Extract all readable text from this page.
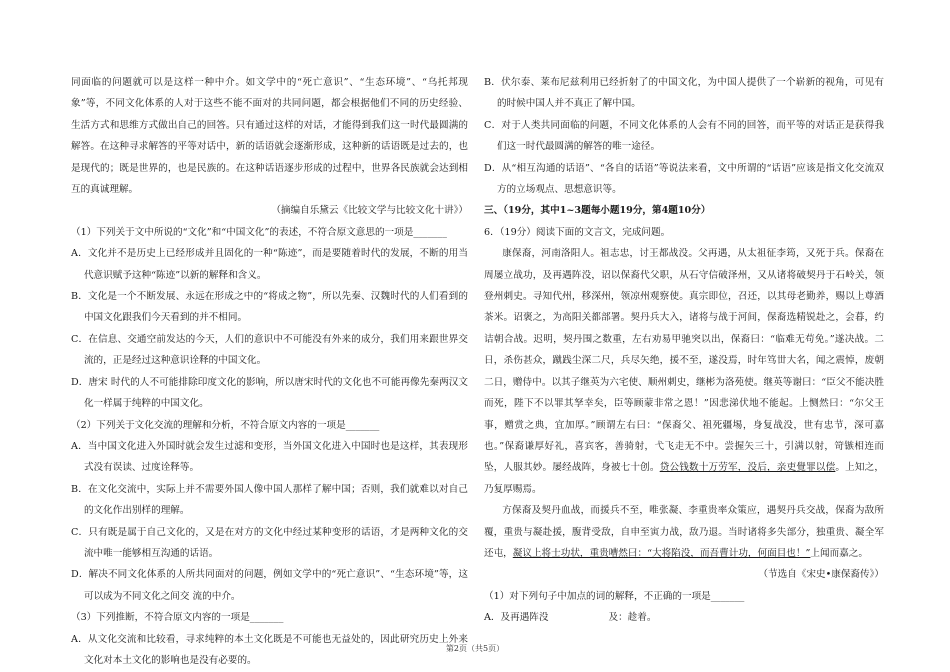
同面临的问题就可以是这样一种中介。如文学中的“死亡意识”、“生态环境”、“乌托邦现象”等，不同文化体系的人对于这些不能不面对的共同问题，都会根据他们不同的历史经验、生活方式和思维方式做出自己的回答。只有通过这样的对话，才能得到我们这一时代最圆满的解答。在这种寻求解答的平等对话中，新的话语就会逐渐形成，这种新的话语既是过去的，也是现代的；既是世界的，也是民族的。在这种话语逐步形成的过程中，世界各民族就会达到相互的真诚理解。

（摘编自乐黛云《比较文学与比较文化十讲》）

（1）下列关于文中所说的“文化”和“中国文化”的表述，不符合原文意思的一项是_______

A．文化并不是历史上已经形成并且固化的一种“陈迹”，而是要随着时代的发展，不断的用当代意识赋予这种“陈迹”以新的解释和含义。

B．文化是一个不断发展、永远在形成之中的“将成之物”，所以先秦、汉魏时代的人们看到的中国文化跟我们今天看到的并不相同。

C．在信息、交通空前发达的今天，人们的意识中不可能没有外来的成分，我们用来跟世界交流的，正是经过这种意识诠释的中国文化。

D．唐宋 时代的人不可能排除印度文化的影响，所以唐宋时代的文化也不可能再像先秦两汉文化一样属于纯粹的中国文化。

（2）下列关于文化交流的理解和分析，不符合原文内容的一项是_______

A．当中国文化进入外国时就会发生过滤和变形，当外国文化进入中国时也是这样，其表现形式没有误读、过度诠释等。

B．在文化交流中，实际上并不需要外国人像中国人那样了解中国；否则，我们就难以对自己的文化作出别样的理解。

C．只有既是属于自己文化的，又是在对方的文化中经过某种变形的话语，才是两种文化的交流中唯一能够相互沟通的话语。

D．解决不同文化体系的人所共同面对的问题，例如文学中的“死亡意识”、“生态环境”等，这可以成为不同文化之间交 流的中介。

（3）下列推断，不符合原文内容的一项是_______

A．从文化交流和比较看，寻求纯粹的本土文化既是不可能也无益处的，因此研究历史上外来文化对本土文化的影响也是没有必要的。

B．伏尔泰、莱布尼兹利用已经折射了的中国文化，为中国人提供了一个崭新的视角，可见有的时候中国人并不真正了解中国。

C．对于人类共同面临的问题，不同文化体系的人会有不同的回答，而平等的对话正是获得我们这一时代最圆满的解答的唯一途径。

D．从“相互沟通的话语”、“各自的话语”等说法来看，文中所谓的“话语”应该是指文化交流双方的立场观点、思想意识等。

三、（19分，其中1~3题每小题19分，第4题10分）

6．（19分）阅读下面的文言文，完成问题。

康保裔，河南洛阳人。祖志忠，讨王都战没。父再遇，从太祖征李筠，又死于兵。保裔在周屡立战功，及再遇阵没，诏以保裔代父职，从石守信破泽州，又从诸将破契丹于石岭关，领登州刺史。寻知代州，移深州，领凉州观察使。真宗即位，召还，以其母老勤养，赐以上尊酒茶米。诏褒之，为高阳关都部署。契丹兵大入，诸将与战于河间，保裔选精锐赴之，会暮，约诘朝合战。迟明，契丹围之数重，左右劝易甲驰突以出，保裔曰：“临难无苟免。”遂决战。二日，杀伤甚众，蹴践尘深二尺，兵尽矢绝，援不至，遂没焉，时年笃丗大名，闻之震悼，废朝二日，赠侍中。以其子继英为六宅使、顺州刺史，继彬为洛苑使。继英等谢曰：“臣父不能决胜而死，陛下不以罪其孥幸矣，臣等顾蒙非常之恩！”因悲涕伏地不能起。上恻然曰：“尔父王事，赠赏之典，宜加厚。”顾谓左右曰：“保裔父、祖死疆埸，身复战没，世有忠节，深可嘉也。”保裔谦厚好礼，喜宾客，善骑射，弋飞走无不中。尝握矢三十，引满以射，笴镞相连而坠，人服其妙。屡经战阵，身被七十创。贷公钱数十万劳军，没后，亲吏覺罪以偿。上知之，乃复厚赐焉。

方保裔及契丹血战，而援兵不至，唯张凝、李重贵率众策应，遇契丹兵交战，保裔为敌所覆，重贵与凝赴援，腹背受敌，自申至寅力战，敌乃退。当时诸将多失部分，独重贵、凝全军还屯，凝议上将士功状，重贵嘈然曰：“大将陷没，而吾曹计功，何面目也！”上闻而嘉之。

（节选自《宋史•康保裔传》）

（1）对下列句子中加点的词的解释，不正确的一项是_______

A．及再遇阵没	及：趁着。

第2页（共5页）
